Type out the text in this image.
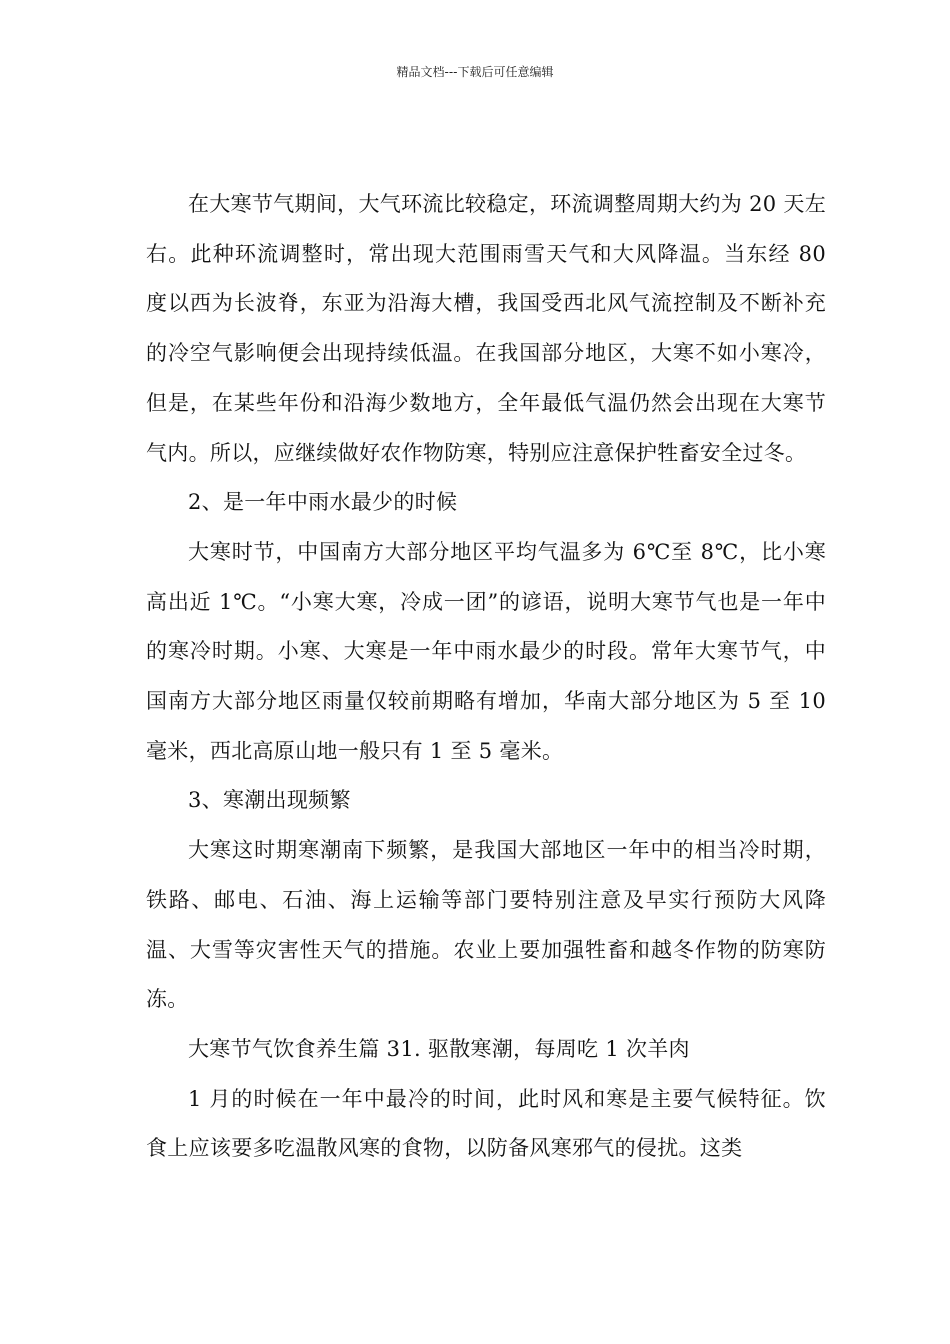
精品文档---下载后可任意编辑

在大寒节气期间，大气环流比较稳定，环流调整周期大约为 20 天左右。此种环流调整时，常出现大范围雨雪天气和大风降温。当东经 80 度以西为长波脊，东亚为沿海大槽，我国受西北风气流控制及不断补充的冷空气影响便会出现持续低温。在我国部分地区，大寒不如小寒冷，但是，在某些年份和沿海少数地方，全年最低气温仍然会出现在大寒节气内。所以，应继续做好农作物防寒，特别应注意保护牲畜安全过冬。

2、是一年中雨水最少的时候

大寒时节，中国南方大部分地区平均气温多为 6℃至 8℃，比小寒高出近 1℃。“小寒大寒，冷成一团”的谚语，说明大寒节气也是一年中的寒冷时期。小寒、大寒是一年中雨水最少的时段。常年大寒节气，中国南方大部分地区雨量仅较前期略有增加，华南大部分地区为 5 至 10 毫米，西北高原山地一般只有 1 至 5 毫米。

3、寒潮出现频繁

大寒这时期寒潮南下频繁，是我国大部地区一年中的相当冷时期，铁路、邮电、石油、海上运输等部门要特别注意及早实行预防大风降温、大雪等灾害性天气的措施。农业上要加强牲畜和越冬作物的防寒防冻。

大寒节气饮食养生篇 31. 驱散寒潮，每周吃 1 次羊肉

1 月的时候在一年中最冷的时间，此时风和寒是主要气候特征。饮食上应该要多吃温散风寒的食物，以防备风寒邪气的侵扰。这类
